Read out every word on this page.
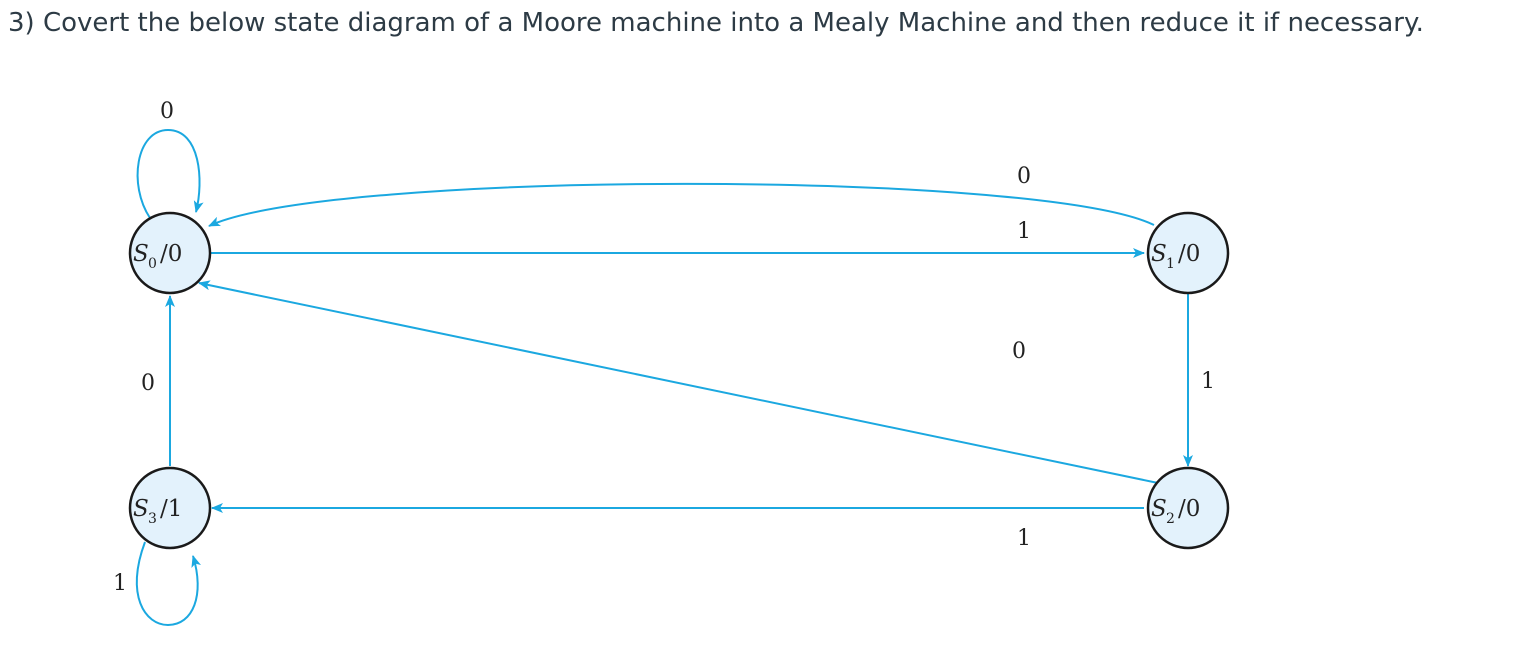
3) Covert the below state diagram of a Moore machine into a Mealy Machine and then reduce it if necessary.

S 0 /0	S 1 /0
S 2 /0
S 3 /1
0
1
0
1
0
1
0
1
